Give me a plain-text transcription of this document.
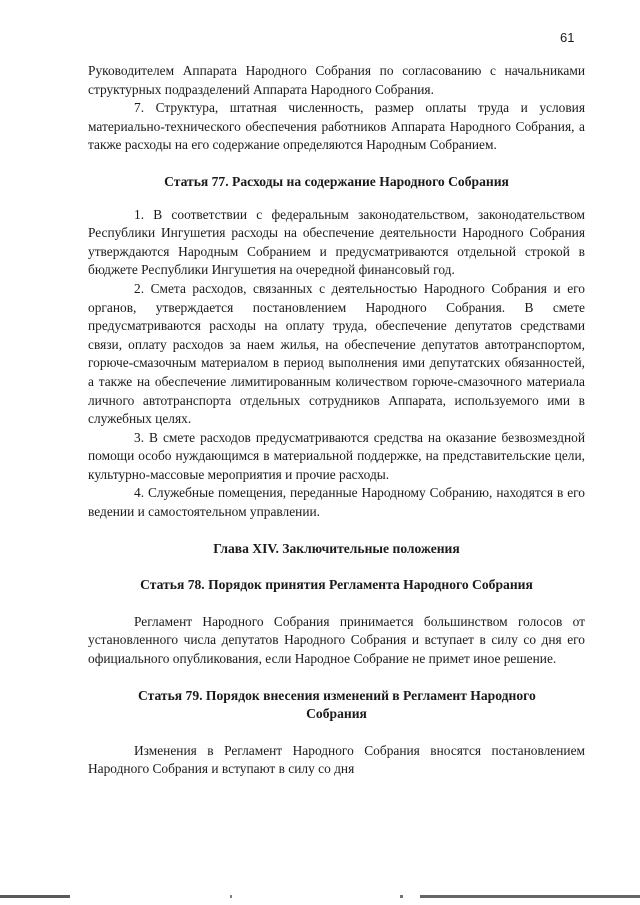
61

Руководителем Аппарата Народного Собрания по согласованию с начальниками структурных подразделений Аппарата Народного Собрания.

7. Структура, штатная численность, размер оплаты труда и условия материально-технического обеспечения работников Аппарата Народного Собрания, а также расходы на его содержание определяются Народным Собранием.

Статья 77. Расходы на содержание Народного Собрания

1. В соответствии с федеральным законодательством, законодательством Республики Ингушетия расходы на обеспечение деятельности Народного Собрания утверждаются Народным Собранием и предусматриваются отдельной строкой в бюджете Республики Ингушетия на очередной финансовый год.

2. Смета расходов, связанных с деятельностью Народного Собрания и его органов, утверждается постановлением Народного Собрания. В смете предусматриваются расходы на оплату труда, обеспечение депутатов средствами связи, оплату расходов за наем жилья, на обеспечение депутатов автотранспортом, горюче-смазочным материалом в период выполнения ими депутатских обязанностей, а также на обеспечение лимитированным количеством горюче-смазочного материала личного автотранспорта отдельных сотрудников Аппарата, используемого ими в служебных целях.

3. В смете расходов предусматриваются средства на оказание безвозмездной помощи особо нуждающимся в материальной поддержке, на представительские цели, культурно-массовые мероприятия и прочие расходы.

4. Служебные помещения, переданные Народному Собранию, находятся в его ведении и самостоятельном управлении.

Глава XIV. Заключительные положения
Статья 78. Порядок принятия Регламента Народного Собрания

Регламент Народного Собрания принимается большинством голосов от установленного числа депутатов Народного Собрания и вступает в силу со дня его официального опубликования, если Народное Собрание не примет иное решение.

Статья 79. Порядок внесения изменений в Регламент Народного
Собрания

Изменения в Регламент Народного Собрания вносятся постановлением Народного Собрания и вступают в силу со дня
